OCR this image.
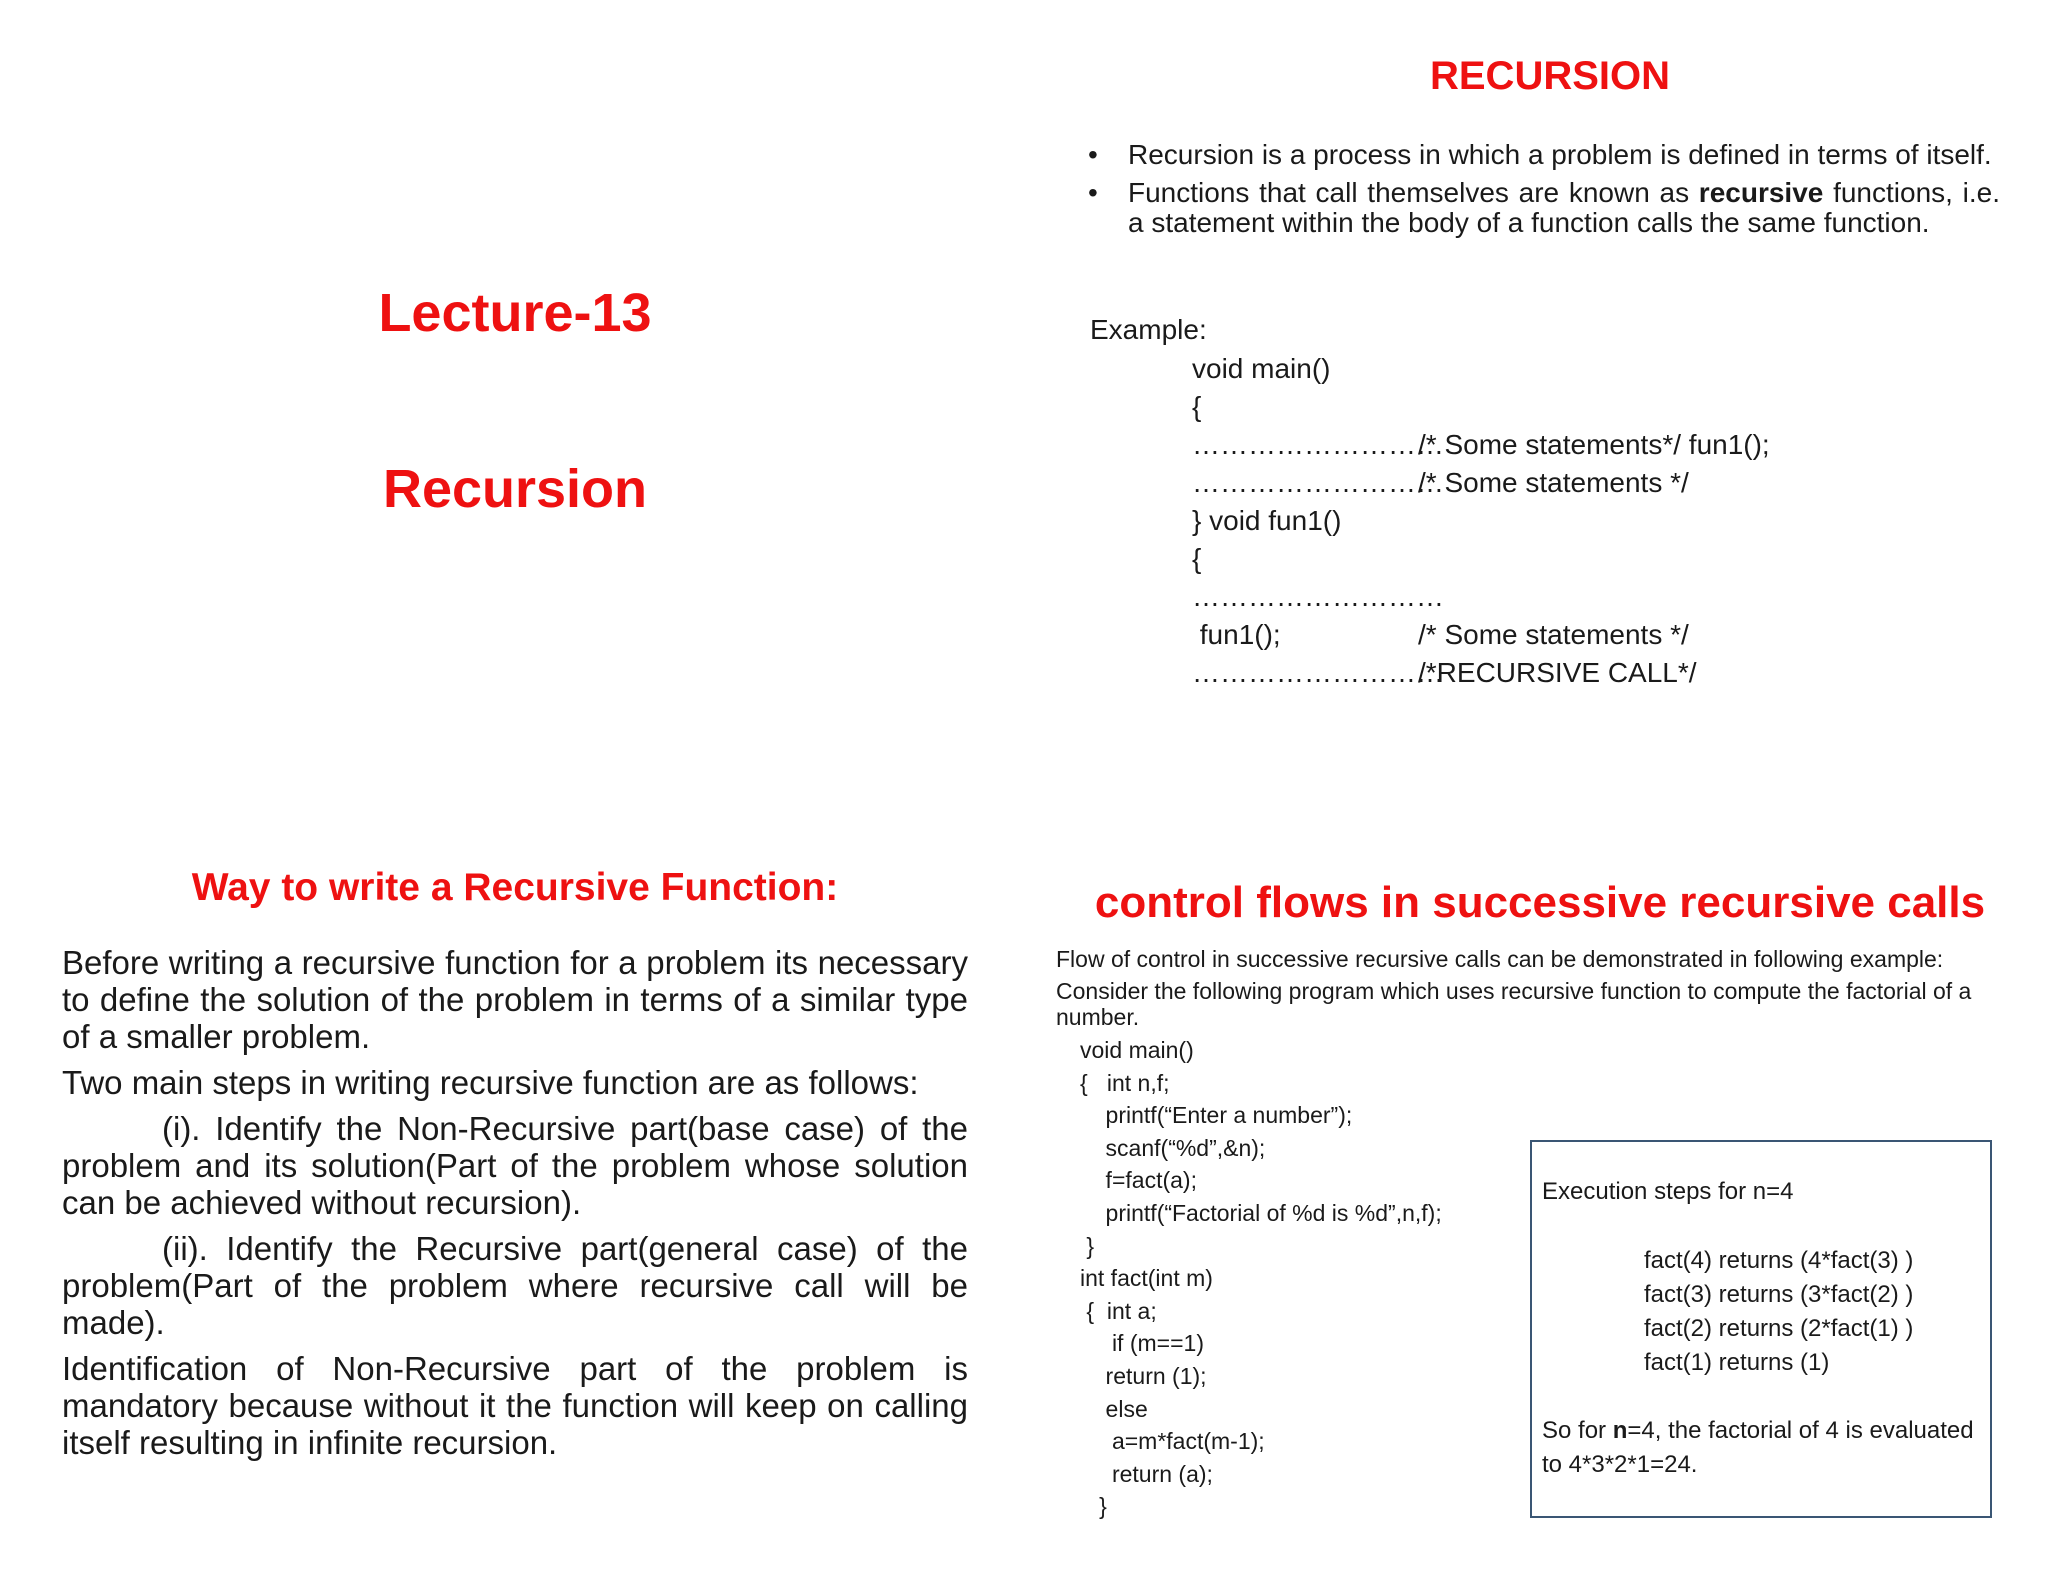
Lecture-13
Recursion
RECURSION
• Recursion is a process in which a problem is defined in terms of itself.
• Functions that call themselves are known as recursive functions, i.e. a statement within the body of a function calls the same function.
Example:
void main()
{
………………………
………………………
} void fun1()
{
………………………
fun1();
………………………
/* Some statements*/ fun1();
/* Some statements */

/* Some statements */
/*RECURSIVE CALL*/
Way to write a Recursive Function:

Before writing a recursive function for a problem its necessary to define the solution of the problem in terms of a similar type of a smaller problem.

Two main steps in writing recursive function are as follows:

(i). Identify the Non-Recursive part(base case) of the problem and its solution(Part of the problem whose solution can be achieved without recursion).

(ii). Identify the Recursive part(general case) of the problem(Part of the problem where recursive call will be made).

Identification of Non-Recursive part of the problem is mandatory because without it the function will keep on calling itself resulting in infinite recursion.

control flows in successive recursive calls

Flow of control in successive recursive calls can be demonstrated in following example:

Consider the following program which uses recursive function to compute the factorial of a number.

void main()
{   int n,f;
printf(“Enter a number”);
scanf(“%d”,&n);
f=fact(a);
printf(“Factorial of %d is %d”,n,f);
}
int fact(int m)
{  int a;
if (m==1)
return (1);
else
a=m*fact(m-1);
return (a);
}
Execution steps for n=4
fact(4) returns (4*fact(3) )
fact(3) returns (3*fact(2) )
fact(2) returns (2*fact(1) )
fact(1) returns (1)
So for n=4, the factorial of 4 is evaluated to 4*3*2*1=24.
